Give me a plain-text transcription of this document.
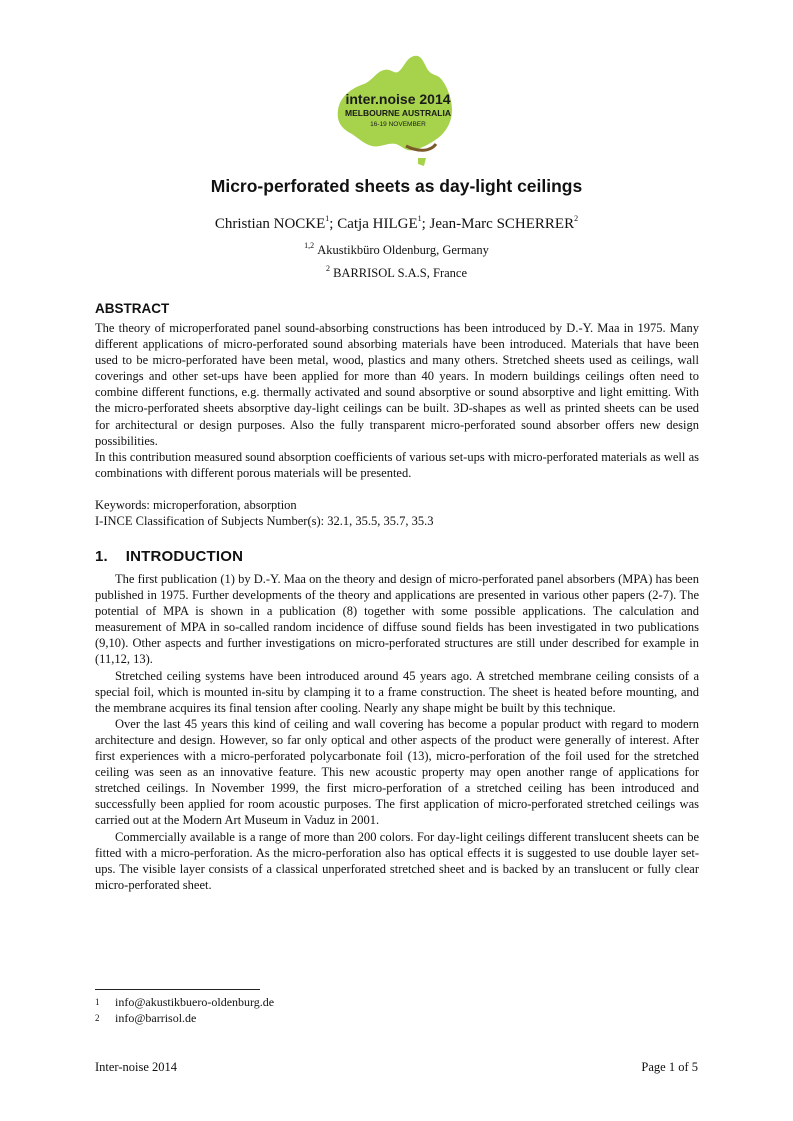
inter.noise 2014
MELBOURNE AUSTRALIA
16-19 NOVEMBER
Micro-perforated sheets as day-light ceilings
Christian NOCKE$^1$; Catja HILGE$^1$; Jean-Marc SCHERRER$^2$
$^{1,2}$ Akustikbüro Oldenburg, Germany
$^2$ BARRISOL S.A.S, France
ABSTRACT

The theory of microperforated panel sound-absorbing constructions has been introduced by D.-Y. Maa in 1975. Many different applications of micro-perforated sound absorbing materials have been introduced. Materials that have been used to be micro-perforated have been metal, wood, plastics and many others. Stretched sheets used as ceilings, wall coverings and other set-ups have been applied for more than 40 years. In modern buildings ceilings often need to combine different functions, e.g. thermally activated and sound absorptive or sound absorptive and light emitting. With the micro-perforated sheets absorptive day-light ceilings can be built. 3D-shapes as well as printed sheets can be used for architectural or design purposes. Also the fully transparent micro-perforated sound absorber offers new design possibilities.

In this contribution measured sound absorption coefficients of various set-ups with micro-perforated materials as well as combinations with different porous materials will be presented.

Keywords: microperforation, absorption
I-INCE Classification of Subjects Number(s): 32.1, 35.5, 35.7, 35.3
1. INTRODUCTION

The first publication (1) by D.-Y. Maa on the theory and design of micro-perforated panel absorbers (MPA) has been published in 1975. Further developments of the theory and applications are presented in various other papers (2-7). The potential of MPA is shown in a publication (8) together with some possible applications. The calculation and measurement of MPA in so-called random incidence of diffuse sound fields has been investigated in two publications (9,10). Other aspects and further investigations on micro-perforated structures are still under described for example in (11,12, 13).

Stretched ceiling systems have been introduced around 45 years ago. A stretched membrane ceiling consists of a special foil, which is mounted in-situ by clamping it to a frame construction. The sheet is heated before mounting, and the membrane acquires its final tension after cooling. Nearly any shape might be built by this technique.

Over the last 45 years this kind of ceiling and wall covering has become a popular product with regard to modern architecture and design. However, so far only optical and other aspects of the product were generally of interest. After first experiences with a micro-perforated polycarbonate foil (13), micro-perforation of the foil used for the stretched ceiling was seen as an innovative feature. This new acoustic property may open another range of applications for stretched ceilings. In November 1999, the first micro-perforation of a stretched ceiling has been introduced and successfully been applied for room acoustic purposes. The first application of micro-perforated stretched ceilings was carried out at the Modern Art Museum in Vaduz in 2001.

Commercially available is a range of more than 200 colors. For day-light ceilings different translucent sheets can be fitted with a micro-perforation. As the micro-perforation also has optical effects it is suggested to use double layer set-ups. The visible layer consists of a classical unperforated stretched sheet and is backed by an translucent or fully clear micro-perforated sheet.

1 info@akustikbuero-oldenburg.de
2 info@barrisol.de
Inter-noise 2014	Page 1 of 5
